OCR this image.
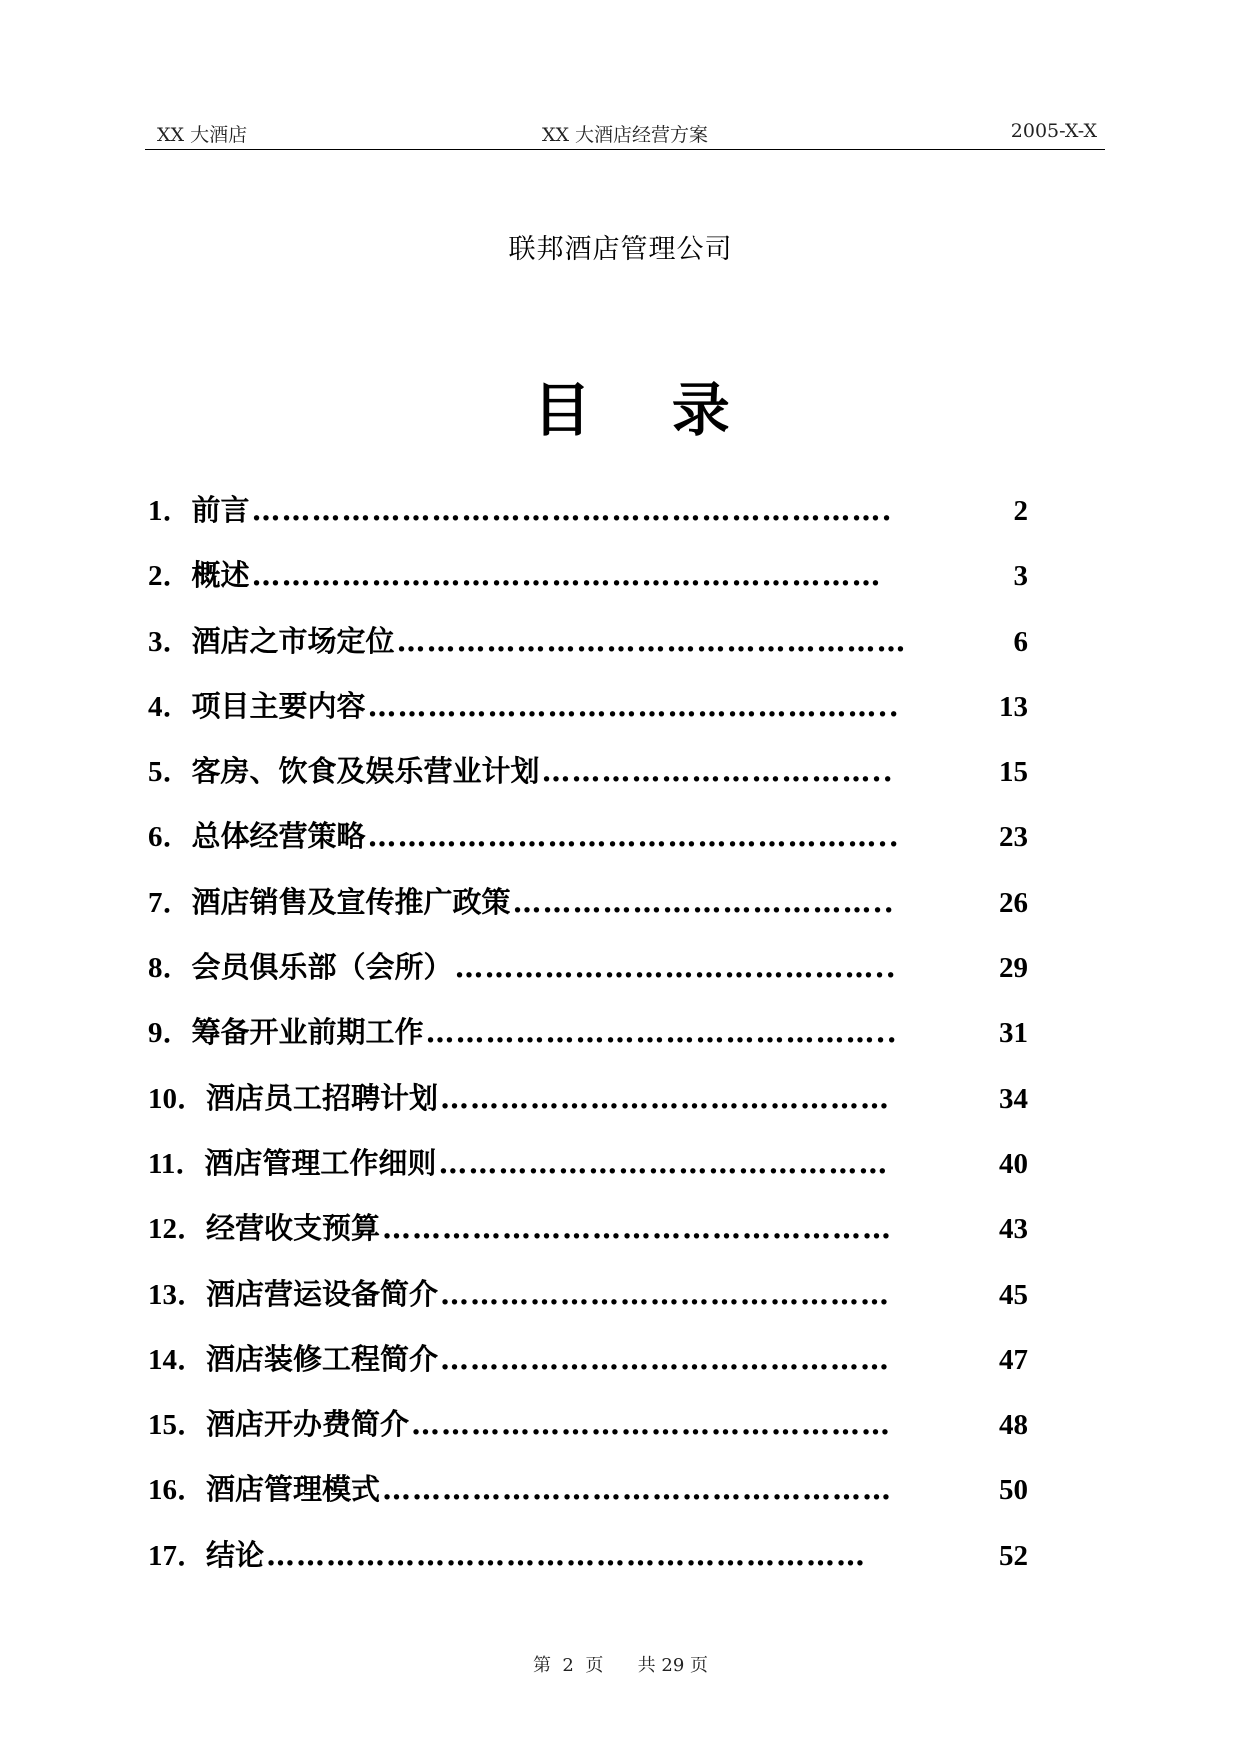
XX 大酒店	XX 大酒店经营方案	2005-X-X
联邦酒店管理公司
目    录
1． 前言 ……………………………………………………….	2
2． 概述 ………………………………………………………	3
3． 酒店之市场定位 ……………………………………………	6
4． 项目主要内容 ……………………………………………..	13
5． 客房、饮食及娱乐营业计划 ……………………………..	15
6． 总体经营策略 ……………………………………………..	23
7． 酒店销售及宣传推广政策 ………………………………..	26
8． 会员俱乐部（会所） ……………………………………..	29
9． 筹备开业前期工作 ………………………………………..	31
10． 酒店员工招聘计划 ………………………………………	34
11． 酒店管理工作细则 ………………………………………	40
12． 经营收支预算 ……………………………………………	43
13． 酒店营运设备简介 ………………………………………	45
14． 酒店装修工程简介 ………………………………………	47
15． 酒店开办费简介 …………………………………………	48
16． 酒店管理模式 ……………………………………………	50
17． 结论 ……………………………………………………	52
第  2  页      共 29 页
